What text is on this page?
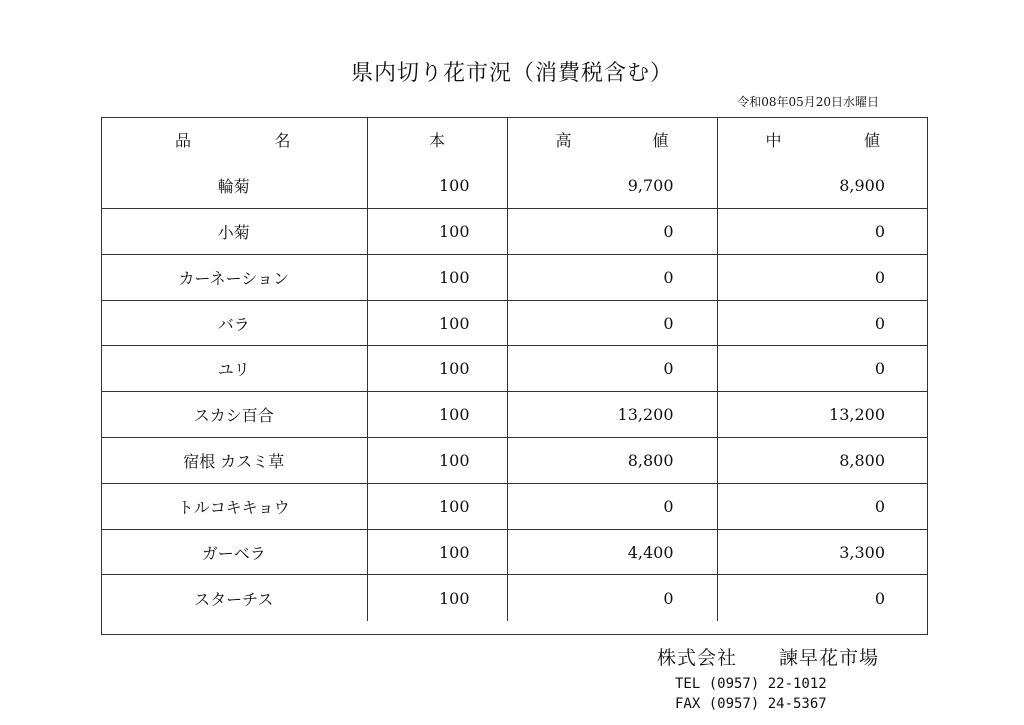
県内切り花市況（消費税含む）
令和08年05月20日水曜日
品 名	本	高 値	中 値

輪菊	100	9,700	8,900
小菊	100	0	0
カーネーション	100	0	0
バラ	100	0	0
ユリ	100	0	0
スカシ百合	100	13,200	13,200
宿根 カスミ草	100	8,800	8,800
トルコキキョウ	100	0	0
ガーベラ	100	4,400	3,300
スターチス	100	0	0
株式会社 諫早花市場
TEL (0957) 22-1012
FAX (0957) 24-5367
